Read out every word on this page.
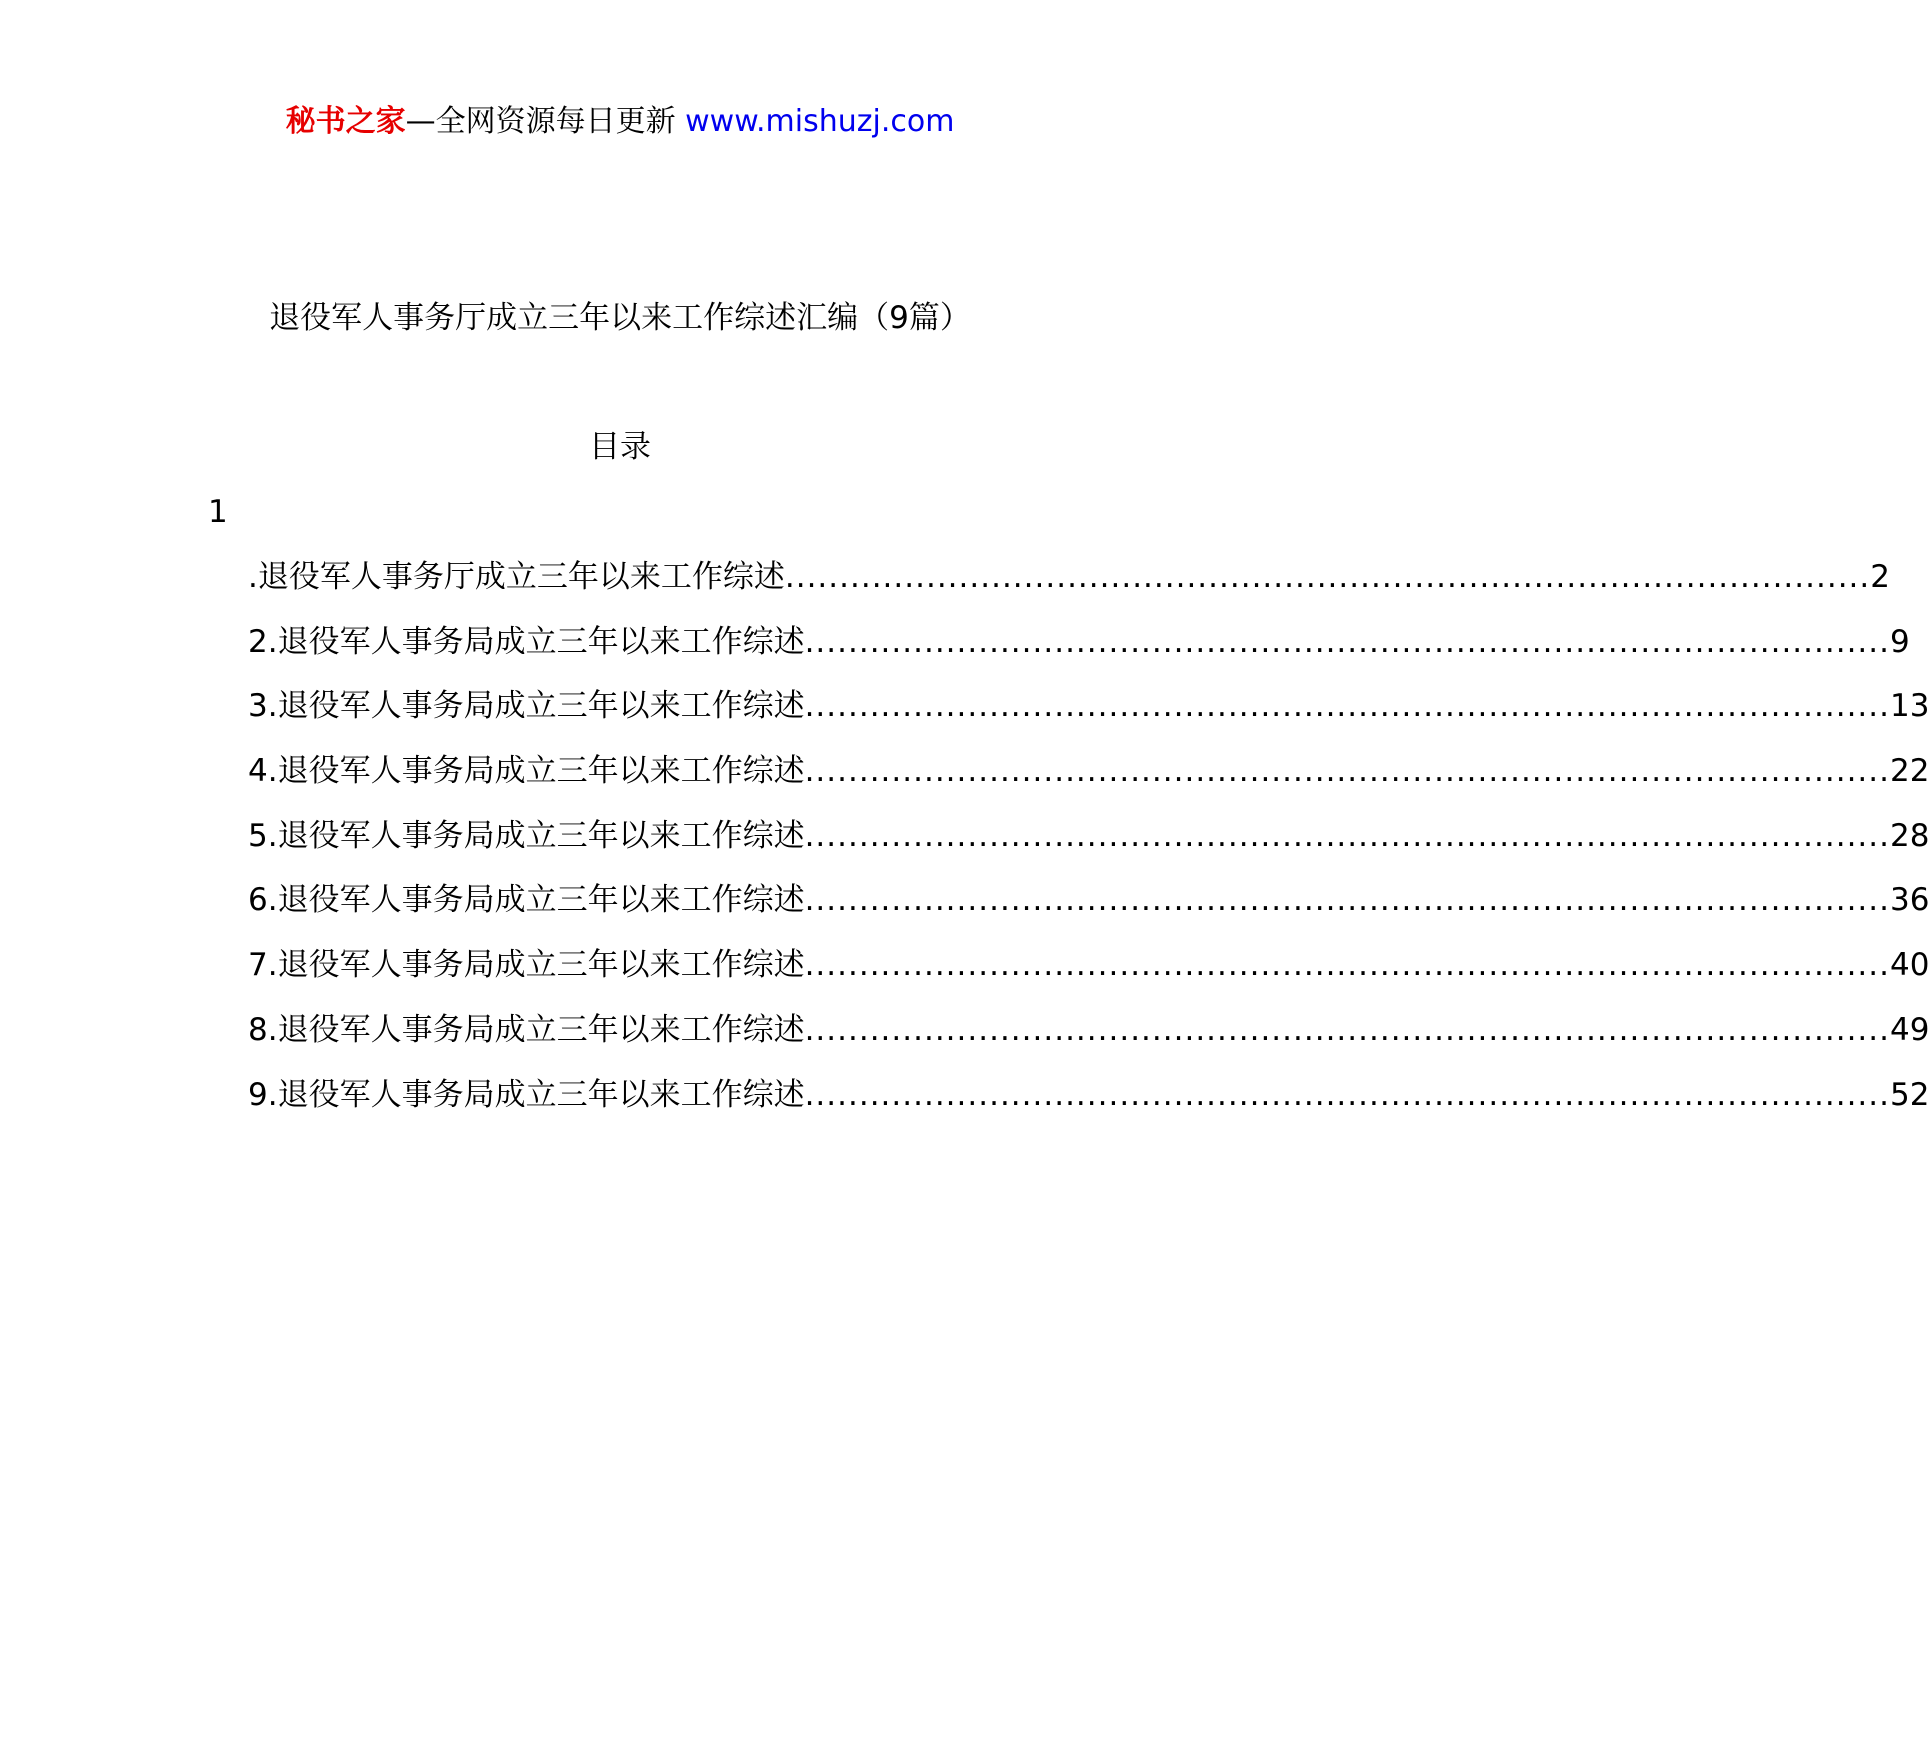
秘书之家—全网资源每日更新 www.mishuzj.com
退役军人事务厅成立三年以来工作综述汇编（9篇）
目录
1
.退役军人事务厅成立三年以来工作综述 .................................................................................................... 2
2.退役军人事务局成立三年以来工作综述 .................................................................................................... 9
3.退役军人事务局成立三年以来工作综述 .................................................................................................... 13
4.退役军人事务局成立三年以来工作综述 .................................................................................................... 22
5.退役军人事务局成立三年以来工作综述 .................................................................................................... 28
6.退役军人事务局成立三年以来工作综述 .................................................................................................... 36
7.退役军人事务局成立三年以来工作综述 .................................................................................................... 40
8.退役军人事务局成立三年以来工作综述 .................................................................................................... 49
9.退役军人事务局成立三年以来工作综述 .................................................................................................... 52
